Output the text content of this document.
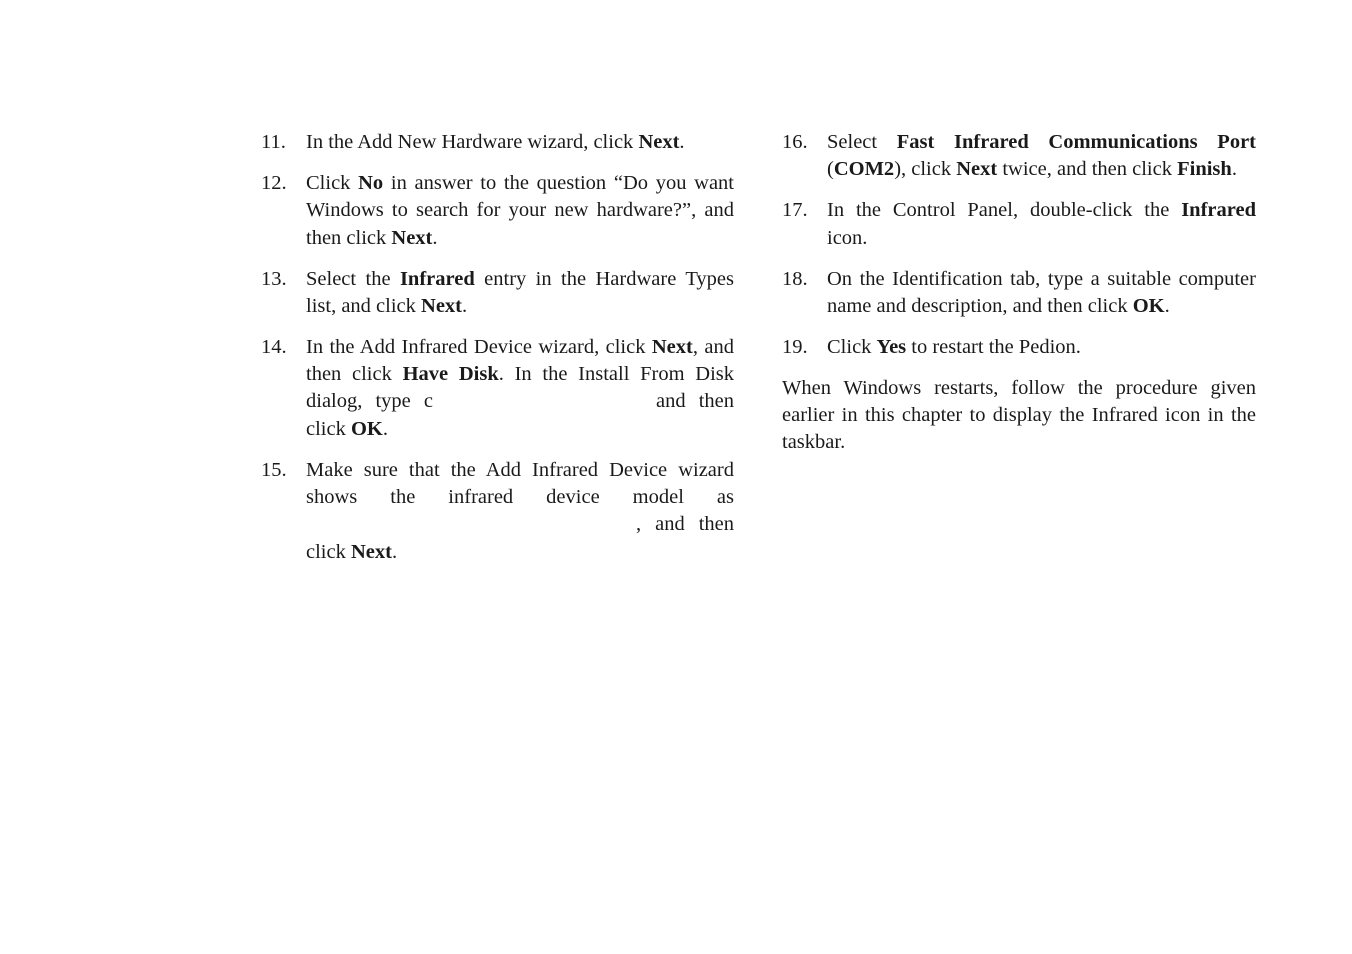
11. In the Add New Hardware wizard, click Next.
12. Click No in answer to the question “Do you want Windows to search for your new hardware?”, and then click Next.
13. Select the Infrared entry in the Hardware Types list, and click Next.
14. In the Add Infrared Device wizard, click Next, and then click Have Disk. In the Install From Disk dialog, type c	and then click OK.
15. Make sure that the Add Infrared Device wizard shows the infrared device model as , and then click Next.
16. Select Fast Infrared Communications Port (COM2), click Next twice, and then click Finish.
17. In the Control Panel, double-click the Infrared icon.
18. On the Identification tab, type a suitable computer name and description, and then click OK.
19. Click Yes to restart the Pedion.

When Windows restarts, follow the procedure given earlier in this chapter to display the Infrared icon in the taskbar.
